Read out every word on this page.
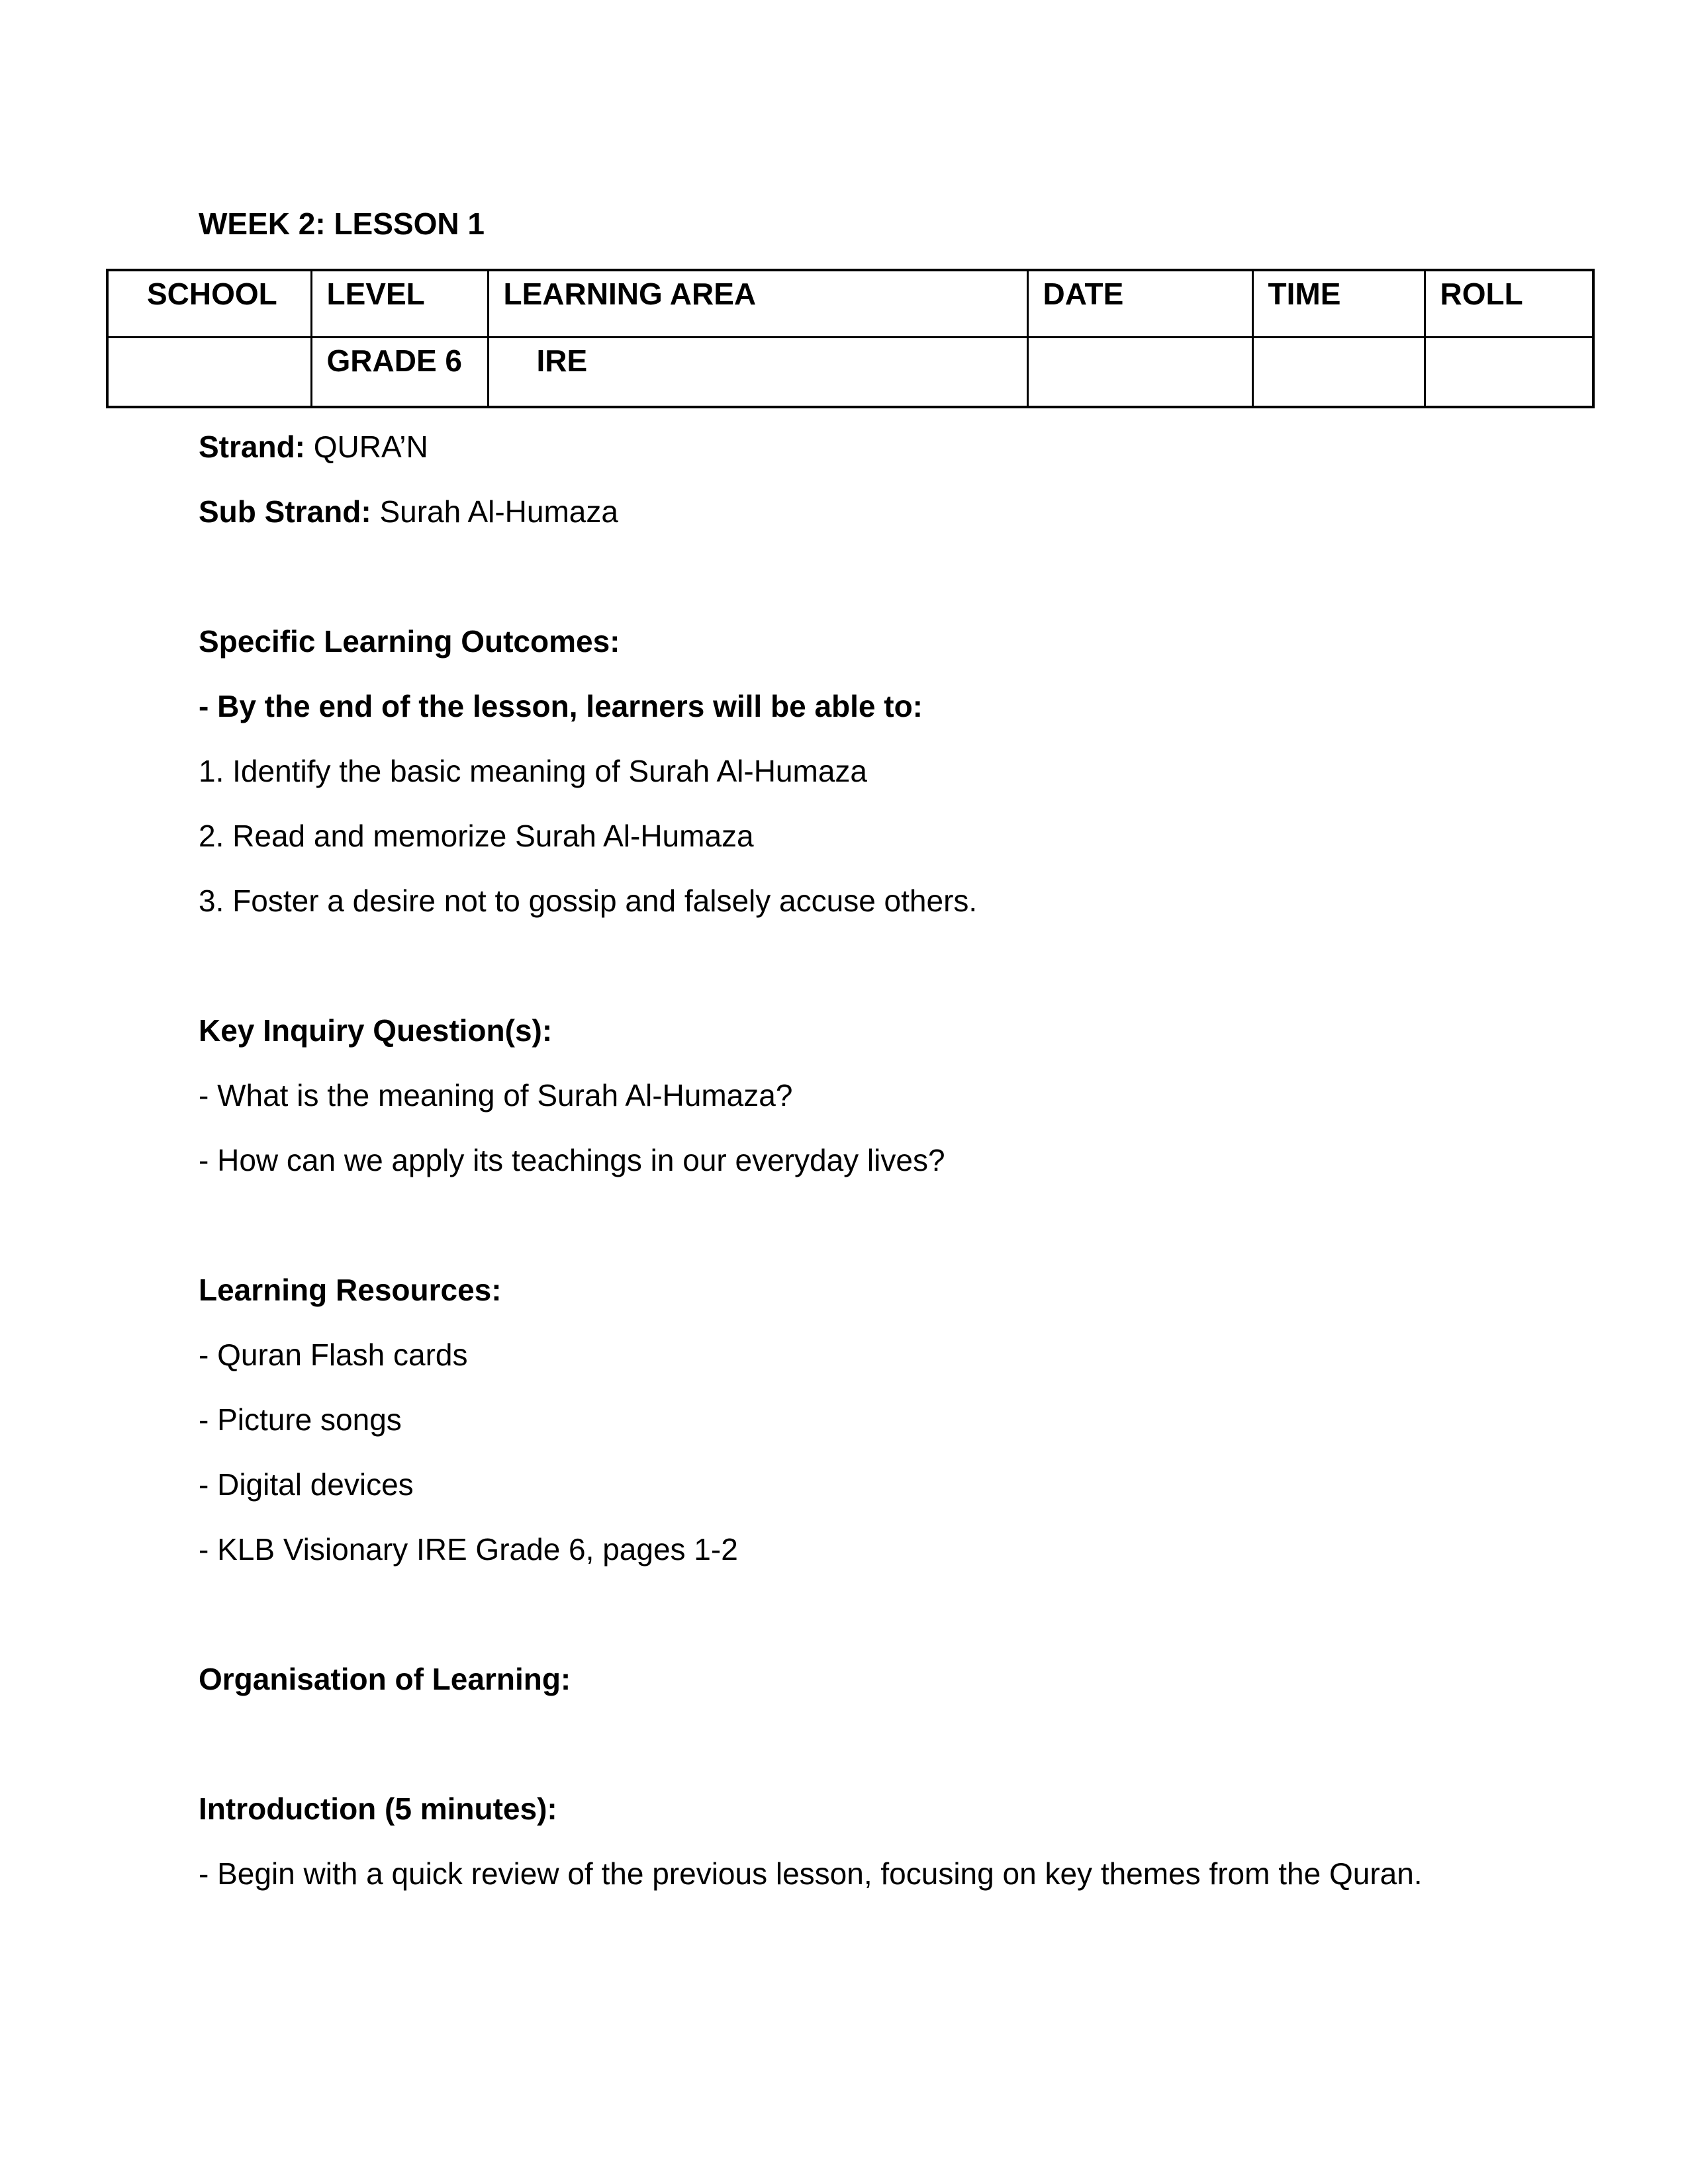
WEEK 2: LESSON 1
SCHOOL	LEVEL	LEARNING AREA	DATE	TIME	ROLL
	GRADE 6	IRE			

Strand: QURA’N

Sub Strand: Surah Al-Humaza

Specific Learning Outcomes:

- By the end of the lesson, learners will be able to:

1. Identify the basic meaning of Surah Al-Humaza

2. Read and memorize Surah Al-Humaza

3. Foster a desire not to gossip and falsely accuse others.

Key Inquiry Question(s):

- What is the meaning of Surah Al-Humaza?

- How can we apply its teachings in our everyday lives?

Learning Resources:

- Quran Flash cards

- Picture songs

- Digital devices

- KLB Visionary IRE Grade 6, pages 1-2

Organisation of Learning:

Introduction (5 minutes):

- Begin with a quick review of the previous lesson, focusing on key themes from the Quran.
